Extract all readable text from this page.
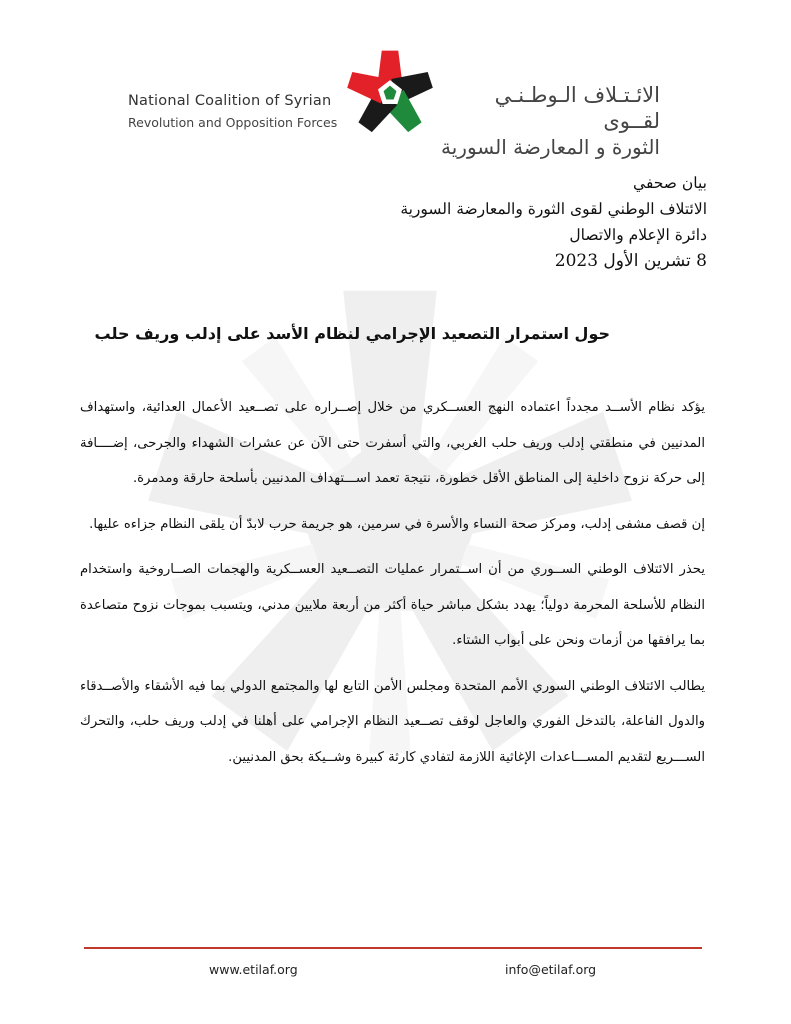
National Coalition of Syrian
Revolution and Opposition Forces
الائـتـلاف الـوطـنـي لقــوى
الثورة و المعارضة السورية
بيان صحفي
الائتلاف الوطني لقوى الثورة والمعارضة السورية
دائرة الإعلام والاتصال
8 تشرين الأول 2023
حول استمرار التصعيد الإجرامي لنظام الأسد على إدلب وريف حلب

يؤكد نظام الأســد مجدداً اعتماده النهج العســكري من خلال إصــراره على تصــعيد الأعمال العدائية، واستهداف المدنيين في منطقتي إدلب وريف حلب الغربي، والتي أسفرت حتى الآن عن عشرات الشهداء والجرحى، إضــــافة إلى حركة نزوح داخلية إلى المناطق الأقل خطورة، نتيجة تعمد اســـتهداف المدنيين بأسلحة حارقة ومدمرة.

إن قصف مشفى إدلب، ومركز صحة النساء والأسرة في سرمين، هو جريمة حرب لابدّ أن يلقى النظام جزاءه عليها.

يحذر الائتلاف الوطني الســوري من أن اســتمرار عمليات التصــعيد العســكرية والهجمات الصــاروخية واستخدام النظام للأسلحة المحرمة دولياً؛ يهدد بشكل مباشر حياة أكثر من أربعة ملايين مدني، ويتسبب بموجات نزوح متصاعدة بما يرافقها من أزمات ونحن على أبواب الشتاء.

يطالب الائتلاف الوطني السوري الأمم المتحدة ومجلس الأمن التابع لها والمجتمع الدولي بما فيه الأشقاء والأصــدقاء والدول الفاعلة، بالتدخل الفوري والعاجل لوقف تصــعيد النظام الإجرامي على أهلنا في إدلب وريف حلب، والتحرك الســـريع لتقديم المســـاعدات الإغاثية اللازمة لتفادي كارثة كبيرة وشــيكة بحق المدنيين.

www.etilaf.org	info@etilaf.org
